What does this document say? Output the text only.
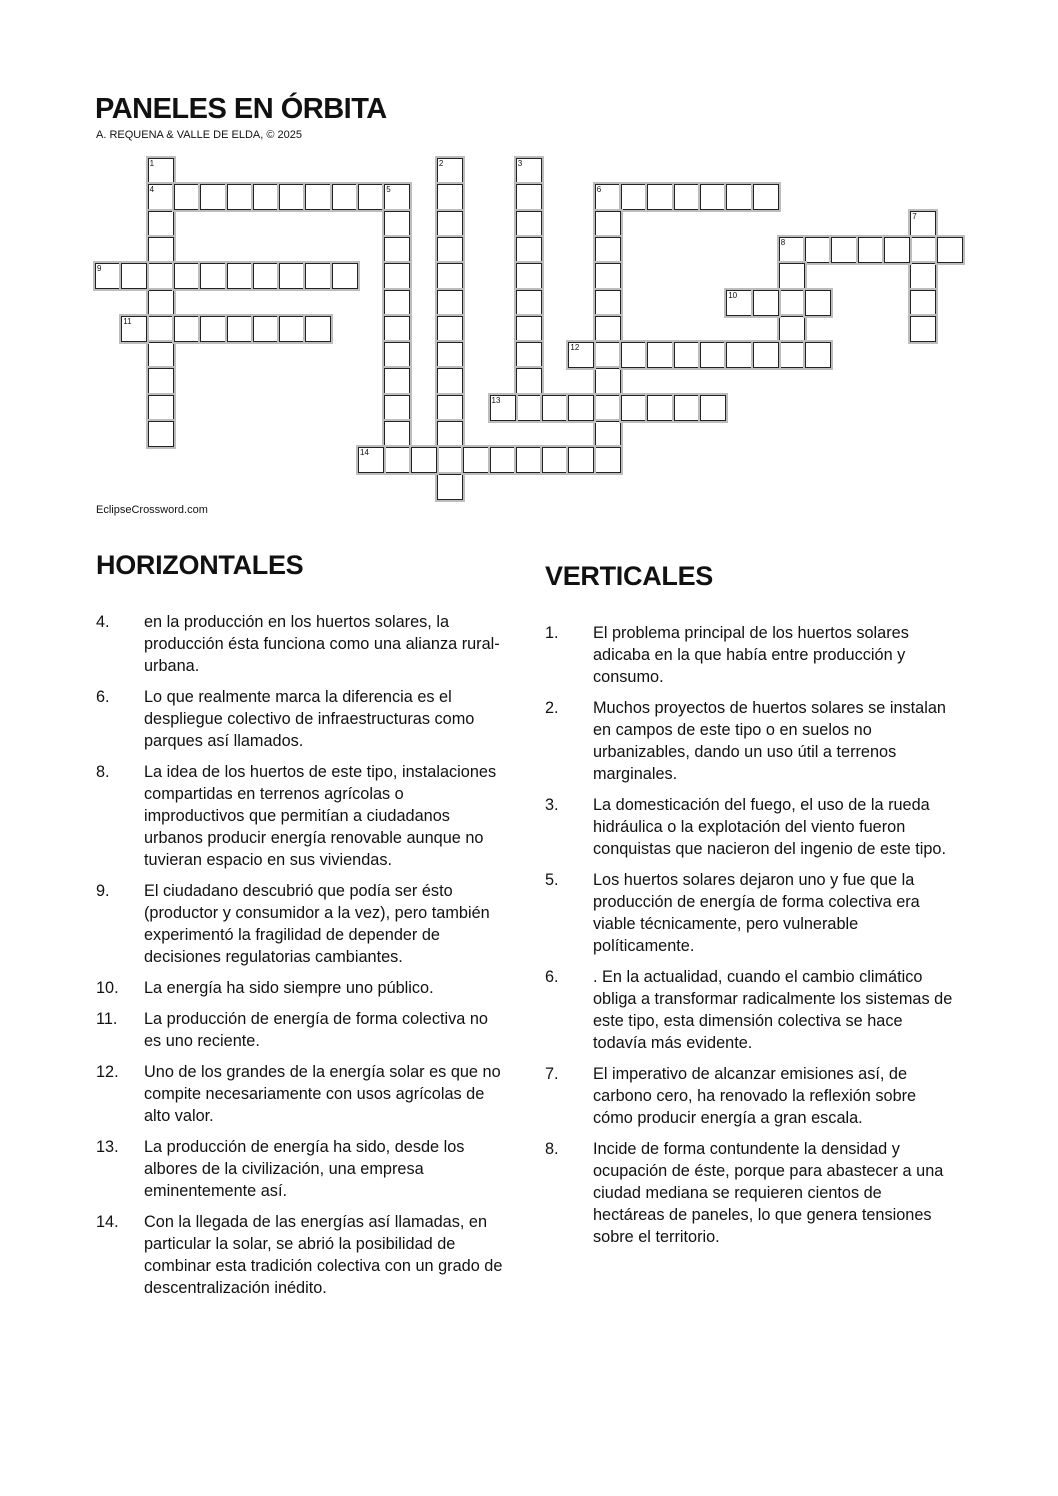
PANELES EN ÓRBITA

A. REQUENA & VALLE DE ELDA, © 2025

1
4
2	3
5	6
7
8
9
10
11
12
13
14

EclipseCrossword.com

HORIZONTALES
4.	en la producción en los huertos solares, la producción ésta funciona como una alianza rural-urbana.
6.	Lo que realmente marca la diferencia es el despliegue colectivo de infraestructuras como parques así llamados.
8.	La idea de los huertos de este tipo, instalaciones compartidas en terrenos agrícolas o improductivos que permitían a ciudadanos urbanos producir energía renovable aunque no tuvieran espacio en sus viviendas.
9.	El ciudadano descubrió que podía ser ésto (productor y consumidor a la vez), pero también experimentó la fragilidad de depender de decisiones regulatorias cambiantes.
10.	La energía ha sido siempre uno público.
11.	La producción de energía de forma colectiva no es uno reciente.
12.	Uno de los grandes de la energía solar es que no compite necesariamente con usos agrícolas de alto valor.
13.	La producción de energía ha sido, desde los albores de la civilización, una empresa eminentemente así.
14.	Con la llegada de las energías así llamadas, en particular la solar, se abrió la posibilidad de combinar esta tradición colectiva con un grado de descentralización inédito.
VERTICALES
1.	El problema principal de los huertos solares adicaba en la que había entre producción y consumo.
2.	Muchos proyectos de huertos solares se instalan en campos de este tipo o en suelos no urbanizables, dando un uso útil a terrenos marginales.
3.	La domesticación del fuego, el uso de la rueda hidráulica o la explotación del viento fueron conquistas que nacieron del ingenio de este tipo.
5.	Los huertos solares dejaron uno y fue que la producción de energía de forma colectiva era viable técnicamente, pero vulnerable políticamente.
6.	. En la actualidad, cuando el cambio climático obliga a transformar radicalmente los sistemas de este tipo, esta dimensión colectiva se hace todavía más evidente.
7.	El imperativo de alcanzar emisiones así, de carbono cero, ha renovado la reflexión sobre cómo producir energía a gran escala.
8.	Incide de forma contundente la densidad y ocupación de éste, porque para abastecer a una ciudad mediana se requieren cientos de hectáreas de paneles, lo que genera tensiones sobre el territorio.
